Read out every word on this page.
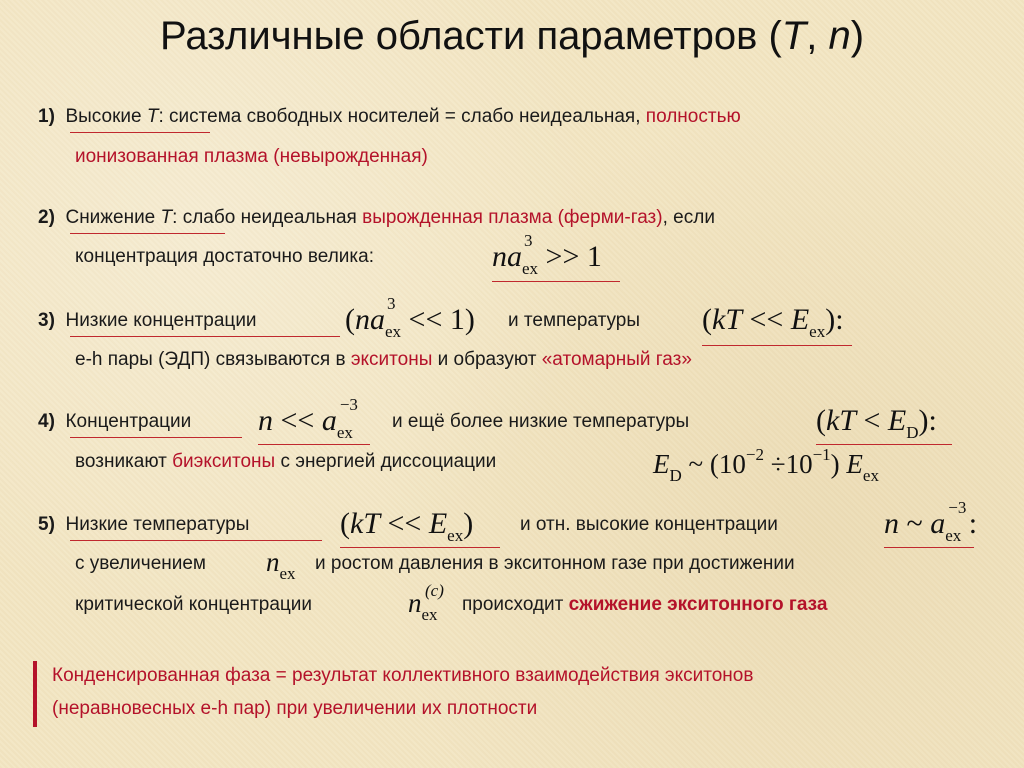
Различные области параметров (T, n)
1) Высокие T: система свободных носителей = слабо неидеальная, полностью
ионизованная плазма (невырожденная)
2) Снижение T: слабо неидеальная вырожденная плазма (ферми-газ), если
концентрация достаточно велика:	na 3
$_{ex}$ >> 1
3) Низкие концентрации	(na 3
$_{ex}$ << 1) и температуры $(kT << E_{ex})$:
e-h пары (ЭДП) связываются в экситоны и образуют «атомарный газ»
4) Концентрации n << a −3
$_{ex}$
и ещё более низкие температуры	$(kT < E_D)$:
возникают биэкситоны с энергией диссоциации	$E_D$ ~ $(10^{-2} \div 10^{-1})$ $E_{ex}$
5) Низкие температуры	$(kT << E_{ex})$ и отн. высокие концентрации	n ~ a −3
$_{ex}$ :
с увеличением $n_{ex}$ и ростом давления в экситонном газе при достижении
критической концентрации	n (c)
$_{ex}$ происходит сжижение экситонного газа
Конденсированная фаза = результат коллективного взаимодействия экситонов
(неравновесных e-h пар) при увеличении их плотности
